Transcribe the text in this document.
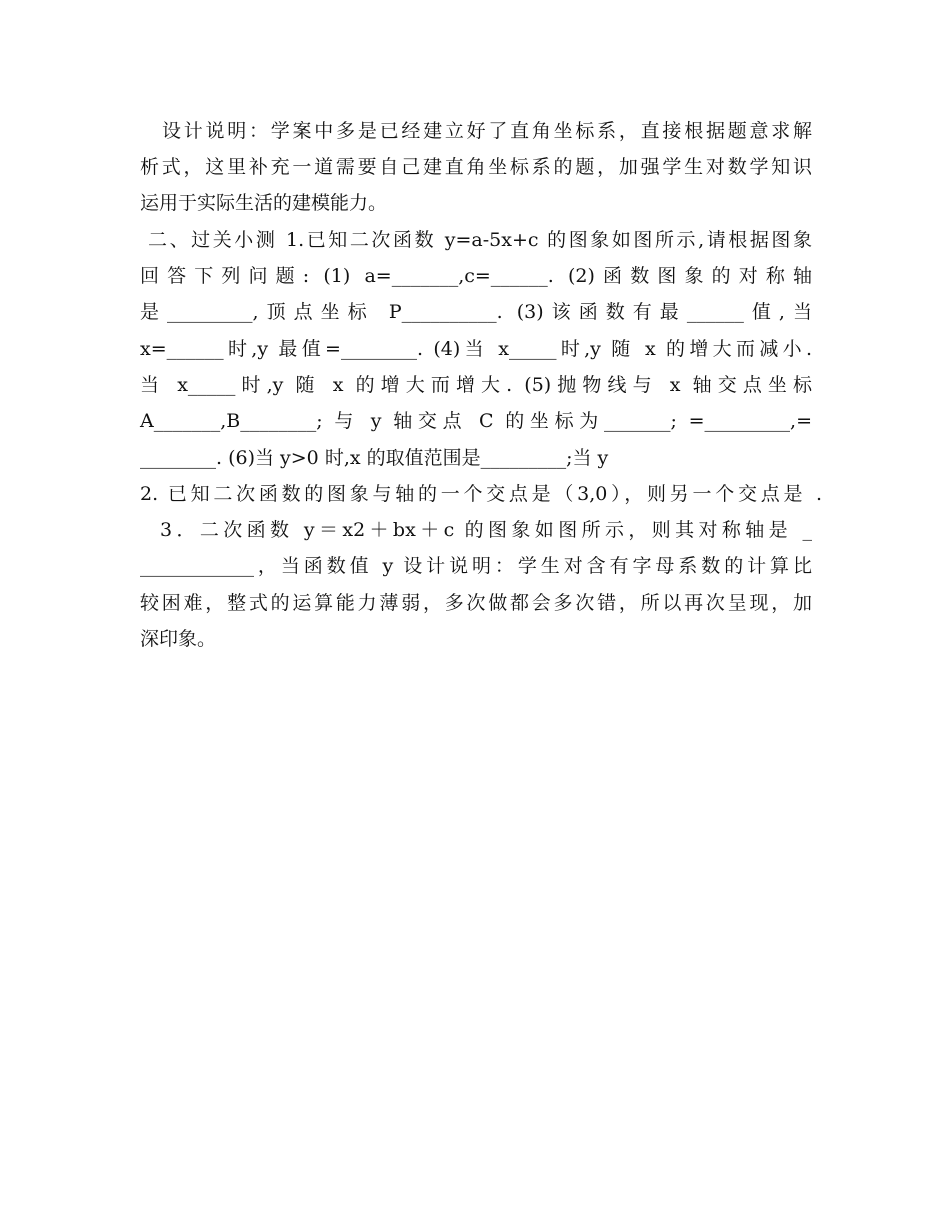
设计说明：学案中多是已经建立好了直角坐标系，直接根据题意求解
析式，这里补充一道需要自己建直角坐标系的题，加强学生对数学知识
运用于实际生活的建模能力。
二、过关小测 1.已知二次函数 y=a-5x+c 的图象如图所示,请根据图象
回答下列问题: (1) a=_______,c=______. (2)函数图象的对称轴
是_________,顶点坐标 P__________. (3)该函数有最______值,当
x=______时,y 最值=________. (4)当 x_____时,y 随 x 的增大而减小.
当 x_____时,y 随 x 的增大而增大. (5)抛物线与 x 轴交点坐标
A_______,B________; 与 y 轴交点 C 的坐标为_______; =_________,=
________. (6)当 y>0 时,x 的取值范围是_________;当 y
2. 已知二次函数的图象与轴的一个交点是（3,0），则另一个交点是 .
3．二次函数 y＝x2＋bx＋c 的图象如图所示，则其对称轴是 _
____________，当函数值 y 设计说明：学生对含有字母系数的计算比
较困难，整式的运算能力薄弱，多次做都会多次错，所以再次呈现，加
深印象。
